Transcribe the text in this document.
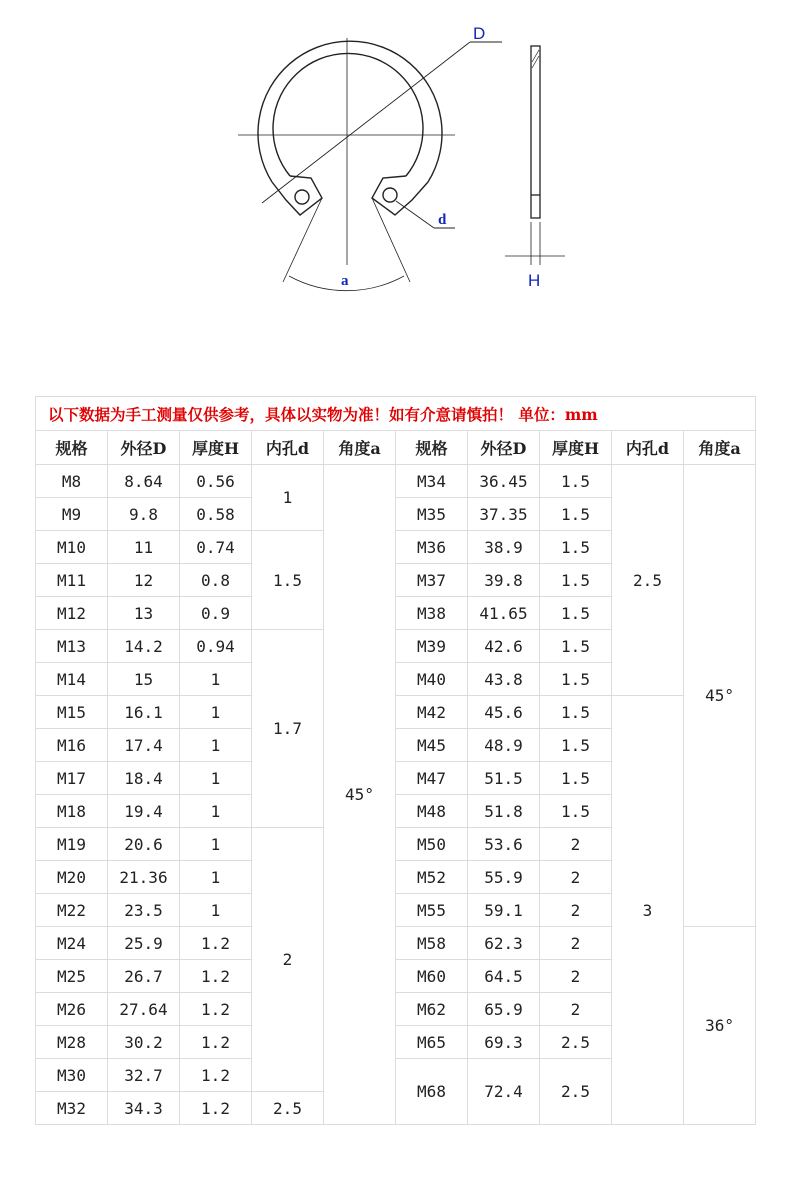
D
d
a	H
以下数据为手工测量仅供参考，具体以实物为准！如有介意请慎拍！ 单位：mm									
规格	外径D	厚度H	内孔d	角度a	规格	外径D	厚度H	内孔d	角度a
M8	8.64	0.56	1	45°	M34	36.45	1.5	2.5	45°
M9	9.8	0.58			M35	37.35	1.5		
M10	11	0.74	1.5		M36	38.9	1.5		
M11	12	0.8			M37	39.8	1.5		
M12	13	0.9			M38	41.65	1.5		
M13	14.2	0.94	1.7		M39	42.6	1.5		
M14	15	1			M40	43.8	1.5		
M15	16.1	1			M42	45.6	1.5	3	
M16	17.4	1			M45	48.9	1.5		
M17	18.4	1			M47	51.5	1.5		
M18	19.4	1			M48	51.8	1.5		
M19	20.6	1	2		M50	53.6	2		
M20	21.36	1			M52	55.9	2		
M22	23.5	1			M55	59.1	2		
M24	25.9	1.2			M58	62.3	2		36°
M25	26.7	1.2			M60	64.5	2		
M26	27.64	1.2			M62	65.9	2		
M28	30.2	1.2			M65	69.3	2.5		
M30	32.7	1.2			M68	72.4	2.5		
M32	34.3	1.2	2.5						
